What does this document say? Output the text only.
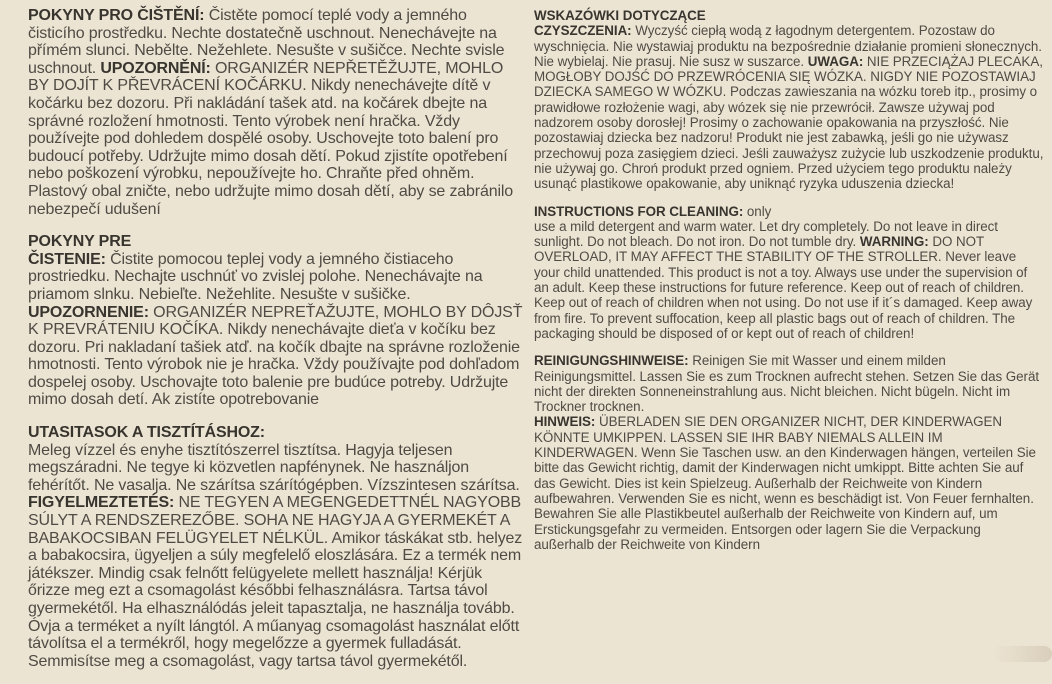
POKYNY PRO ČIŠTĚNÍ: Čistěte pomocí teplé vody a jemného čisticího prostředku. Nechte dostatečně uschnout. Nenechávejte na přímém slunci. Nebělte. Nežehlete. Nesušte v sušičce. Nechte svisle uschnout. UPOZORNĚNÍ: ORGANIZÉR NEPŘETĚŽUJTE, MOHLO BY DOJÍT K PŘEVRÁCENÍ KOČÁRKU. Nikdy nenechávejte dítě v kočárku bez dozoru. Při nakládání tašek atd. na kočárek dbejte na správné rozložení hmotnosti. Tento výrobek není hračka. Vždy používejte pod dohledem dospělé osoby. Uschovejte toto balení pro budoucí potřeby. Udržujte mimo dosah dětí. Pokud zjistíte opotřebení nebo poškození výrobku, nepoužívejte ho. Chraňte před ohněm. Plastový obal zničte, nebo udržujte mimo dosah dětí, aby se zabránilo nebezpečí udušení

POKYNY PRE
ČISTENIE: Čistite pomocou teplej vody a jemného čistiaceho prostriedku. Nechajte uschnúť vo zvislej polohe. Nenechávajte na priamom slnku. Nebieľte. Nežehlite. Nesušte v sušičke. UPOZORNENIE: ORGANIZÉR NEPREŤAŽUJTE, MOHLO BY DÔJSŤ K PREVRÁTENIU KOČÍKA. Nikdy nenechávajte dieťa v kočíku bez dozoru. Pri nakladaní tašiek atď. na kočík dbajte na správne rozloženie hmotnosti. Tento výrobok nie je hračka. Vždy používajte pod dohľadom dospelej osoby. Uschovajte toto balenie pre budúce potreby. Udržujte mimo dosah detí. Ak zistíte opotrebovanie

UTASITASOK A TISZTÍTÁSHOZ:
Meleg vízzel és enyhe tisztítószerrel tisztítsa. Hagyja teljesen megszáradni. Ne tegye ki közvetlen napfénynek. Ne használjon fehérítőt. Ne vasalja. Ne szárítsa szárítógépben. Vízszintesen szárítsa. FIGYELMEZTETÉS: NE TEGYEN A MEGENGEDETTNÉL NAGYOBB SÚLYT A RENDSZEREZŐBE. SOHA NE HAGYJA A GYERMEKÉT A BABAKOCSIBAN FELÜGYELET NÉLKÜL. Amikor táskákat stb. helyez a babakocsira, ügyeljen a súly megfelelő eloszlására. Ez a termék nem játékszer. Mindig csak felnőtt felügyelete mellett használja! Kérjük őrizze meg ezt a csomagolást későbbi felhasználásra. Tartsa távol gyermekétől. Ha elhasználódás jeleit tapasztalja, ne használja tovább. Óvja a terméket a nyílt lángtól. A műanyag csomagolást használat előtt távolítsa el a termékről, hogy megelőzze a gyermek fulladását. Semmisítse meg a csomagolást, vagy tartsa távol gyermekétől.

WSKAZÓWKI DOTYCZĄCE
CZYSZCZENIA: Wyczyść ciepłą wodą z łagodnym detergentem. Pozostaw do wyschnięcia. Nie wystawiaj produktu na bezpośrednie działanie promieni słonecznych. Nie wybielaj. Nie prasuj. Nie susz w suszarce. UWAGA: NIE PRZECIĄŻAJ PLECAKA, MOGŁOBY DOJŚĆ DO PRZEWRÓCENIA SIĘ WÓZKA. NIGDY NIE POZOSTAWIAJ DZIECKA SAMEGO W WÓZKU. Podczas zawieszania na wózku toreb itp., prosimy o prawidłowe rozłożenie wagi, aby wózek się nie przewrócił. Zawsze używaj pod nadzorem osoby dorosłej! Prosimy o zachowanie opakowania na przyszłość. Nie pozostawiaj dziecka bez nadzoru! Produkt nie jest zabawką, jeśli go nie używasz przechowuj poza zasięgiem dzieci. Jeśli zauważysz zużycie lub uszkodzenie produktu, nie używaj go. Chroń produkt przed ogniem. Przed użyciem tego produktu należy usunąć plastikowe opakowanie, aby uniknąć ryzyka uduszenia dziecka!

INSTRUCTIONS FOR CLEANING: only
use a mild detergent and warm water. Let dry completely. Do not leave in direct sunlight. Do not bleach. Do not iron. Do not tumble dry. WARNING: DO NOT OVERLOAD, IT MAY AFFECT THE STABILITY OF THE STROLLER. Never leave your child unattended. This product is not a toy. Always use under the supervision of an adult. Keep these instructions for future reference. Keep out of reach of children. Keep out of reach of children when not using. Do not use if it´s damaged. Keep away from fire. To prevent suffocation, keep all plastic bags out of reach of children. The packaging should be disposed of or kept out of reach of children!

REINIGUNGSHINWEISE: Reinigen Sie mit Wasser und einem milden Reinigungsmittel. Lassen Sie es zum Trocknen aufrecht stehen. Setzen Sie das Gerät nicht der direkten Sonneneinstrahlung aus. Nicht bleichen. Nicht bügeln. Nicht im Trockner trocknen.
HINWEIS: ÜBERLADEN SIE DEN ORGANIZER NICHT, DER KINDERWAGEN KÖNNTE UMKIPPEN. LASSEN SIE IHR BABY NIEMALS ALLEIN IM KINDERWAGEN. Wenn Sie Taschen usw. an den Kinderwagen hängen, verteilen Sie bitte das Gewicht richtig, damit der Kinderwagen nicht umkippt. Bitte achten Sie auf das Gewicht. Dies ist kein Spielzeug. Außerhalb der Reichweite von Kindern aufbewahren. Verwenden Sie es nicht, wenn es beschädigt ist. Von Feuer fernhalten. Bewahren Sie alle Plastikbeutel außerhalb der Reichweite von Kindern auf, um Erstickungsgefahr zu vermeiden. Entsorgen oder lagern Sie die Verpackung außerhalb der Reichweite von Kindern
